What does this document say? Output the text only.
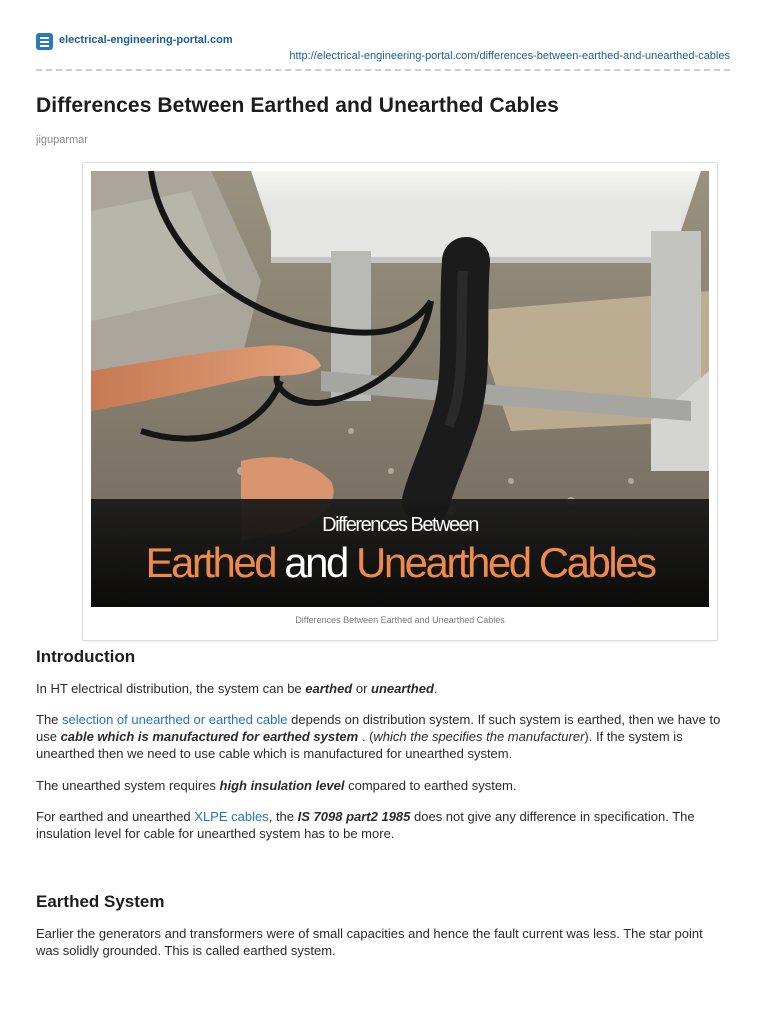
electrical-engineering-portal.com
http://electrical-engineering-portal.com/differences-between-earthed-and-unearthed-cables
Differences Between Earthed and Unearthed Cables
jiguparmar
Differences Between
Earthed and Unearthed Cables
Differences Between Earthed and Unearthed Cables
Introduction

In HT electrical distribution, the system can be earthed or unearthed.

The selection of unearthed or earthed cable depends on distribution system. If such system is earthed, then we have to use cable which is manufactured for earthed system . (which the specifies the manufacturer). If the system is unearthed then we need to use cable which is manufactured for unearthed system.

The unearthed system requires high insulation level compared to earthed system.

For earthed and unearthed XLPE cables, the IS 7098 part2 1985 does not give any difference in specification. The insulation level for cable for unearthed system has to be more.

Earthed System

Earlier the generators and transformers were of small capacities and hence the fault current was less. The star point was solidly grounded. This is called earthed system.
